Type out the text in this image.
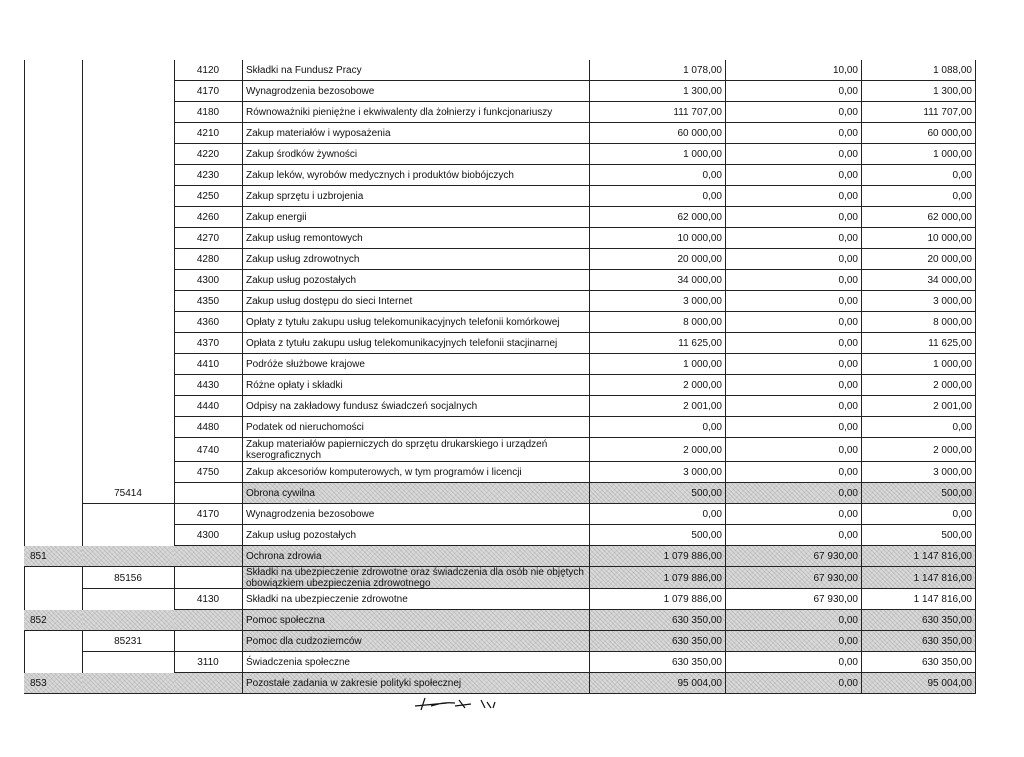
4120	Składki na Fundusz Pracy	1 078,00	10,00	1 088,00
4170	Wynagrodzenia bezosobowe	1 300,00	0,00	1 300,00
4180	Równoważniki pieniężne i ekwiwalenty dla żołnierzy i funkcjonariuszy	111 707,00	0,00	111 707,00
4210	Zakup materiałów i wyposażenia	60 000,00	0,00	60 000,00
4220	Zakup środków żywności	1 000,00	0,00	1 000,00
4230	Zakup leków, wyrobów medycznych i produktów biobójczych	0,00	0,00	0,00
4250	Zakup sprzętu i uzbrojenia	0,00	0,00	0,00
4260	Zakup energii	62 000,00	0,00	62 000,00
4270	Zakup usług remontowych	10 000,00	0,00	10 000,00
4280	Zakup usług zdrowotnych	20 000,00	0,00	20 000,00
4300	Zakup usług pozostałych	34 000,00	0,00	34 000,00
4350	Zakup usług dostępu do sieci Internet	3 000,00	0,00	3 000,00
4360	Opłaty z tytułu zakupu usług telekomunikacyjnych telefonii komórkowej	8 000,00	0,00	8 000,00
4370	Opłata z tytułu zakupu usług telekomunikacyjnych telefonii stacjinarnej	11 625,00	0,00	11 625,00
4410	Podróże służbowe krajowe	1 000,00	0,00	1 000,00
4430	Różne opłaty i składki	2 000,00	0,00	2 000,00
4440	Odpisy na zakładowy fundusz świadczeń socjalnych	2 001,00	0,00	2 001,00
4480	Podatek od nieruchomości	0,00	0,00	0,00
4740	Zakup materiałów papierniczych do sprzętu drukarskiego i urządzeń kserograficznych	2 000,00	0,00	2 000,00
4750	Zakup akcesoriów komputerowych, w tym programów i licencji	3 000,00	0,00	3 000,00
75414	Obrona cywilna	500,00	0,00	500,00
4170	Wynagrodzenia bezosobowe	0,00	0,00	0,00
4300	Zakup usług pozostałych	500,00	0,00	500,00
851	Ochrona zdrowia	1 079 886,00	67 930,00	1 147 816,00
85156	Składki na ubezpieczenie zdrowotne oraz świadczenia dla osób nie objętych obowiązkiem ubezpieczenia zdrowotnego	1 079 886,00	67 930,00	1 147 816,00
4130	Składki na ubezpieczenie zdrowotne	1 079 886,00	67 930,00	1 147 816,00
852	Pomoc społeczna	630 350,00	0,00	630 350,00
85231	Pomoc dla cudzoziemców	630 350,00	0,00	630 350,00
3110	Świadczenia społeczne	630 350,00	0,00	630 350,00
853	Pozostałe zadania w zakresie polityki społecznej	95 004,00	0,00	95 004,00
